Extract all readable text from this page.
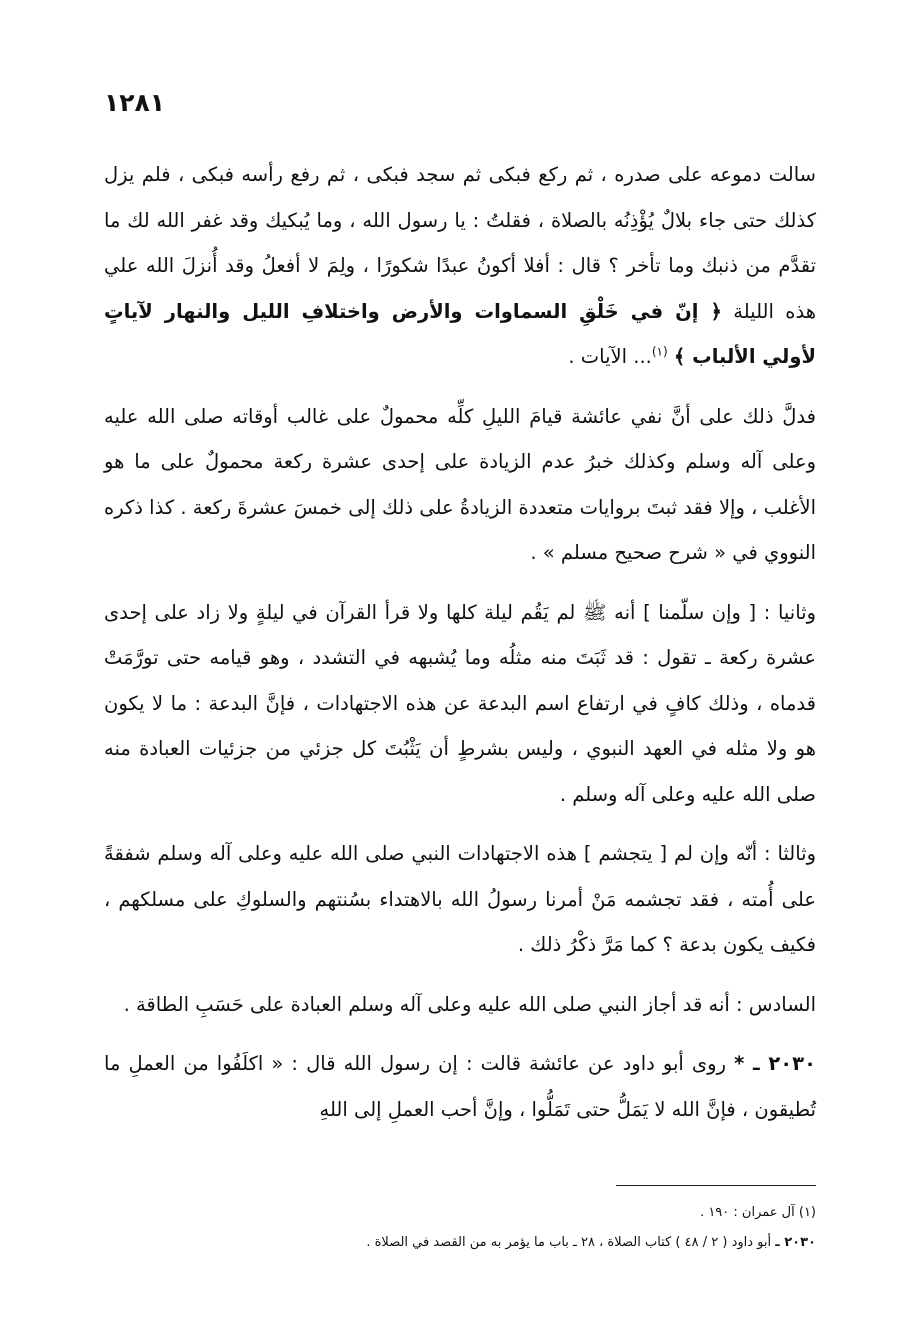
١٢٨١

سالت دموعه على صدره ، ثم ركع فبكى ثم سجد فبكى ، ثم رفع رأسه فبكى ، فلم يزل كذلك حتى جاء بلالٌ يُؤْذِنُه بالصلاة ، فقلتُ : يا رسول الله ، وما يُبكيك وقد غفر الله لك ما تقدَّم من ذنبك وما تأخر ؟ قال : أفلا أكونُ عبدًا شكورًا ، ولِمَ لا أفعلُ وقد أُنزلَ الله علي هذه الليلة ﴿ إنّ في خَلْقِ السماوات والأرض واختلافِ الليل والنهار لآياتٍ لأولي الألباب ﴾ $^{(١)}$... الآيات .

فدلَّ ذلك على أنَّ نفي عائشة قيامَ الليلِ كلِّه محمولٌ على غالب أوقاته صلى الله عليه وعلى آله وسلم وكذلك خبرُ عدم الزيادة على إحدى عشرة ركعة محمولٌ على ما هو الأغلب ، وإلا فقد ثبتَ بروايات متعددة الزيادةُ على ذلك إلى خمسَ عشرةَ ركعة . كذا ذكره النووي في « شرح صحيح مسلم » .

وثانيا : [ وإن سلّمنا ] أنه ﷺ لم يَقُم ليلة كلها ولا قرأ القرآن في ليلةٍ ولا زاد على إحدى عشرة ركعة ـ تقول : قد ثَبَتَ منه مثلُه وما يُشبهه في التشدد ، وهو قيامه حتى تورَّمَتْ قدماه ، وذلك كافٍ في ارتفاع اسم البدعة عن هذه الاجتهادات ، فإنَّ البدعة : ما لا يكون هو ولا مثله في العهد النبوي ، وليس بشرطٍ أن يَثْبُتَ كل جزئي من جزئيات العبادة منه صلى الله عليه وعلى آله وسلم .

وثالثا : أنّه وإن لم [ يتجشم ] هذه الاجتهادات النبي صلى الله عليه وعلى آله وسلم شفقةً على أُمته ، فقد تجشمه مَنْ أمرنا رسولُ الله بالاهتداء بسُنتهم والسلوكِ على مسلكهم ، فكيف يكون بدعة ؟ كما مَرَّ ذكْرُ ذلك .

السادس : أنه قد أجاز النبي صلى الله عليه وعلى آله وسلم العبادة على حَسَبِ الطاقة .

٢٠٣٠ ـ * روى أبو داود عن عائشة قالت : إن رسول الله قال : « اكلَفُوا من العملِ ما تُطيقون ، فإنَّ الله لا يَمَلُّ حتى تَمَلُّوا ، وإنَّ أحب العملِ إلى اللهِ

(١) آل عمران : ١٩٠ .
٢٠٣٠ ـ أبو داود ( ٢ / ٤٨ ) كتاب الصلاة ، ٢٨ ـ باب ما يؤمر به من القصد في الصلاة .
